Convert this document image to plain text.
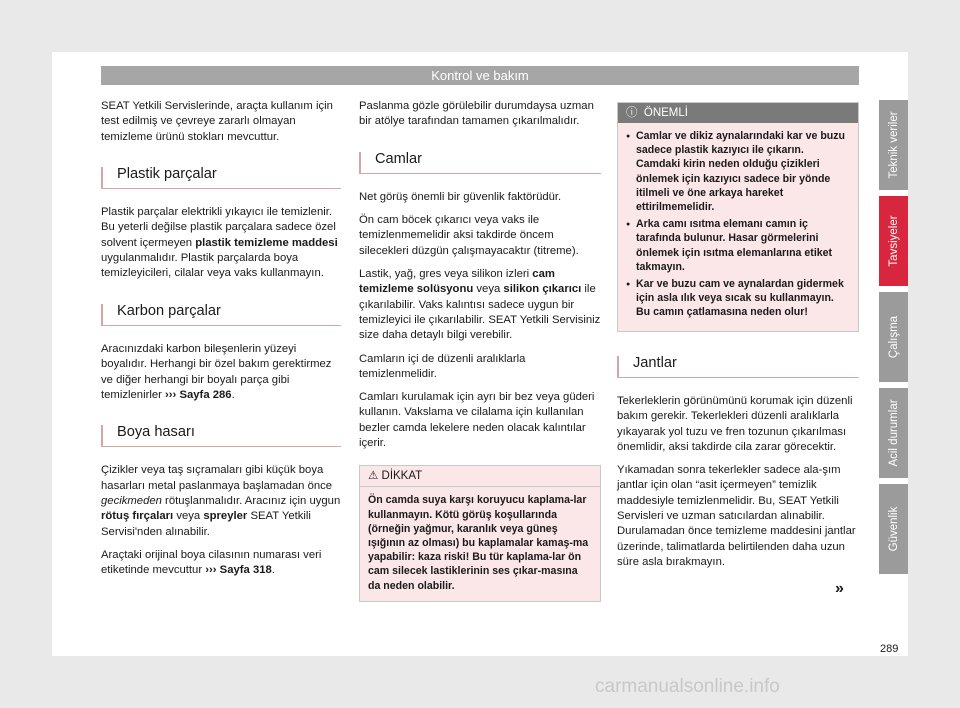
Kontrol ve bakım

SEAT Yetkili Servislerinde, araçta kullanım için test edilmiş ve çevreye zararlı olmayan temizleme ürünü stokları mevcuttur.

Plastik parçalar

Plastik parçalar elektrikli yıkayıcı ile temizlenir. Bu yeterli değilse plastik parçalara sadece özel solvent içermeyen plastik temizleme maddesi uygulanmalıdır. Plastik parçalarda boya temizleyicileri, cilalar veya vaks kullanmayın.

Karbon parçalar

Aracınızdaki karbon bileşenlerin yüzeyi boyalıdır. Herhangi bir özel bakım gerektirmez ve diğer herhangi bir boyalı parça gibi temizlenirler ››› Sayfa 286.

Boya hasarı

Çizikler veya taş sıçramaları gibi küçük boya hasarları metal paslanmaya başlamadan önce gecikmeden rötuşlanmalıdır. Aracınız için uygun rötuş fırçaları veya spreyler SEAT Yetkili Servisi'nden alınabilir.

Araçtaki orijinal boya cilasının numarası veri etiketinde mevcuttur ››› Sayfa 318.

Paslanma gözle görülebilir durumdaysa uzman bir atölye tarafından tamamen çıkarılmalıdır.

Camlar

Net görüş önemli bir güvenlik faktörüdür.

Ön cam böcek çıkarıcı veya vaks ile temizlenmemelidir aksi takdirde öncem silecekleri düzgün çalışmayacaktır (titreme).

Lastik, yağ, gres veya silikon izleri cam temizleme solüsyonu veya silikon çıkarıcı ile çıkarılabilir. Vaks kalıntısı sadece uygun bir temizleyici ile çıkarılabilir. SEAT Yetkili Servisiniz size daha detaylı bilgi verebilir.

Camların içi de düzenli aralıklarla temizlenmelidir.

Camları kurulamak için ayrı bir bez veya güderi kullanın. Vakslama ve cilalama için kullanılan bezler camda lekelere neden olacak kalıntılar içerir.

⚠ DİKKAT
Ön camda suya karşı koruyucu kaplama-lar kullanmayın. Kötü görüş koşullarında (örneğin yağmur, karanlık veya güneş ışığının az olması) bu kaplamalar kamaş-ma yapabilir: kaza riski! Bu tür kaplama-lar ön cam silecek lastiklerinin ses çıkar-masına da neden olabilir.
ⓘ ÖNEMLİ
● Camlar ve dikiz aynalarındaki kar ve buzu sadece plastik kazıyıcı ile çıkarın. Camdaki kirin neden olduğu çizikleri önlemek için kazıyıcı sadece bir yönde itilmeli ve öne arkaya hareket ettirilmemelidir.
● Arka camı ısıtma elemanı camın iç tarafında bulunur. Hasar görmelerini önlemek için ısıtma elemanlarına etiket takmayın.
● Kar ve buzu cam ve aynalardan gidermek için asla ılık veya sıcak su kullanmayın. Bu camın çatlamasına neden olur!
Jantlar

Tekerleklerin görünümünü korumak için düzenli bakım gerekir. Tekerlekleri düzenli aralıklarla yıkayarak yol tuzu ve fren tozunun çıkarılması önemlidir, aksi takdirde cila zarar görecektir.

Yıkamadan sonra tekerlekler sadece ala-şım jantlar için olan “asit içermeyen” temizlik maddesiyle temizlenmelidir. Bu, SEAT Yetkili Servisleri ve uzman satıcılardan alınabilir. Durulamadan önce temizleme maddesini jantlar üzerinde, talimatlarda belirtilenden daha uzun süre asla bırakmayın.

Teknik veriler
Tavsiyeler
Çalışma
Acil durumlar
Güvenlik
»
289
carmanualsonline.info
